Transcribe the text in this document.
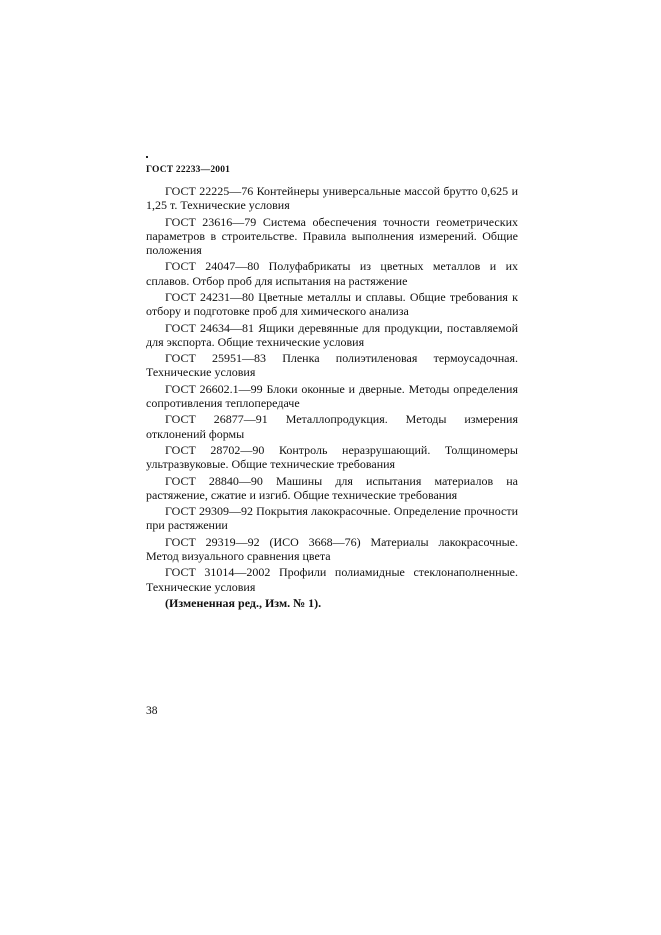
ГОСТ 22233—2001

ГОСТ 22225—76 Контейнеры универсальные массой брутто 0,625 и 1,25 т. Технические условия

ГОСТ 23616—79 Система обеспечения точности геометрических параметров в строительстве. Правила выполнения измерений. Общие положения

ГОСТ 24047—80 Полуфабрикаты из цветных металлов и их сплавов. Отбор проб для испытания на растяжение

ГОСТ 24231—80 Цветные металлы и сплавы. Общие требования к отбору и подготовке проб для химического анализа

ГОСТ 24634—81 Ящики деревянные для продукции, поставляемой для экспорта. Общие технические условия

ГОСТ 25951—83 Пленка полиэтиленовая термоусадочная. Технические условия

ГОСТ 26602.1—99 Блоки оконные и дверные. Методы определения сопротивления теплопередаче

ГОСТ 26877—91 Металлопродукция. Методы измерения отклонений формы

ГОСТ 28702—90 Контроль неразрушающий. Толщиномеры ультразвуковые. Общие технические требования

ГОСТ 28840—90 Машины для испытания материалов на растяжение, сжатие и изгиб. Общие технические требования

ГОСТ 29309—92 Покрытия лакокрасочные. Определение прочности при растяжении

ГОСТ 29319—92 (ИСО 3668—76) Материалы лакокрасочные. Метод визуального сравнения цвета

ГОСТ 31014—2002 Профили полиамидные стеклонаполненные. Технические условия

(Измененная ред., Изм. № 1).

38
